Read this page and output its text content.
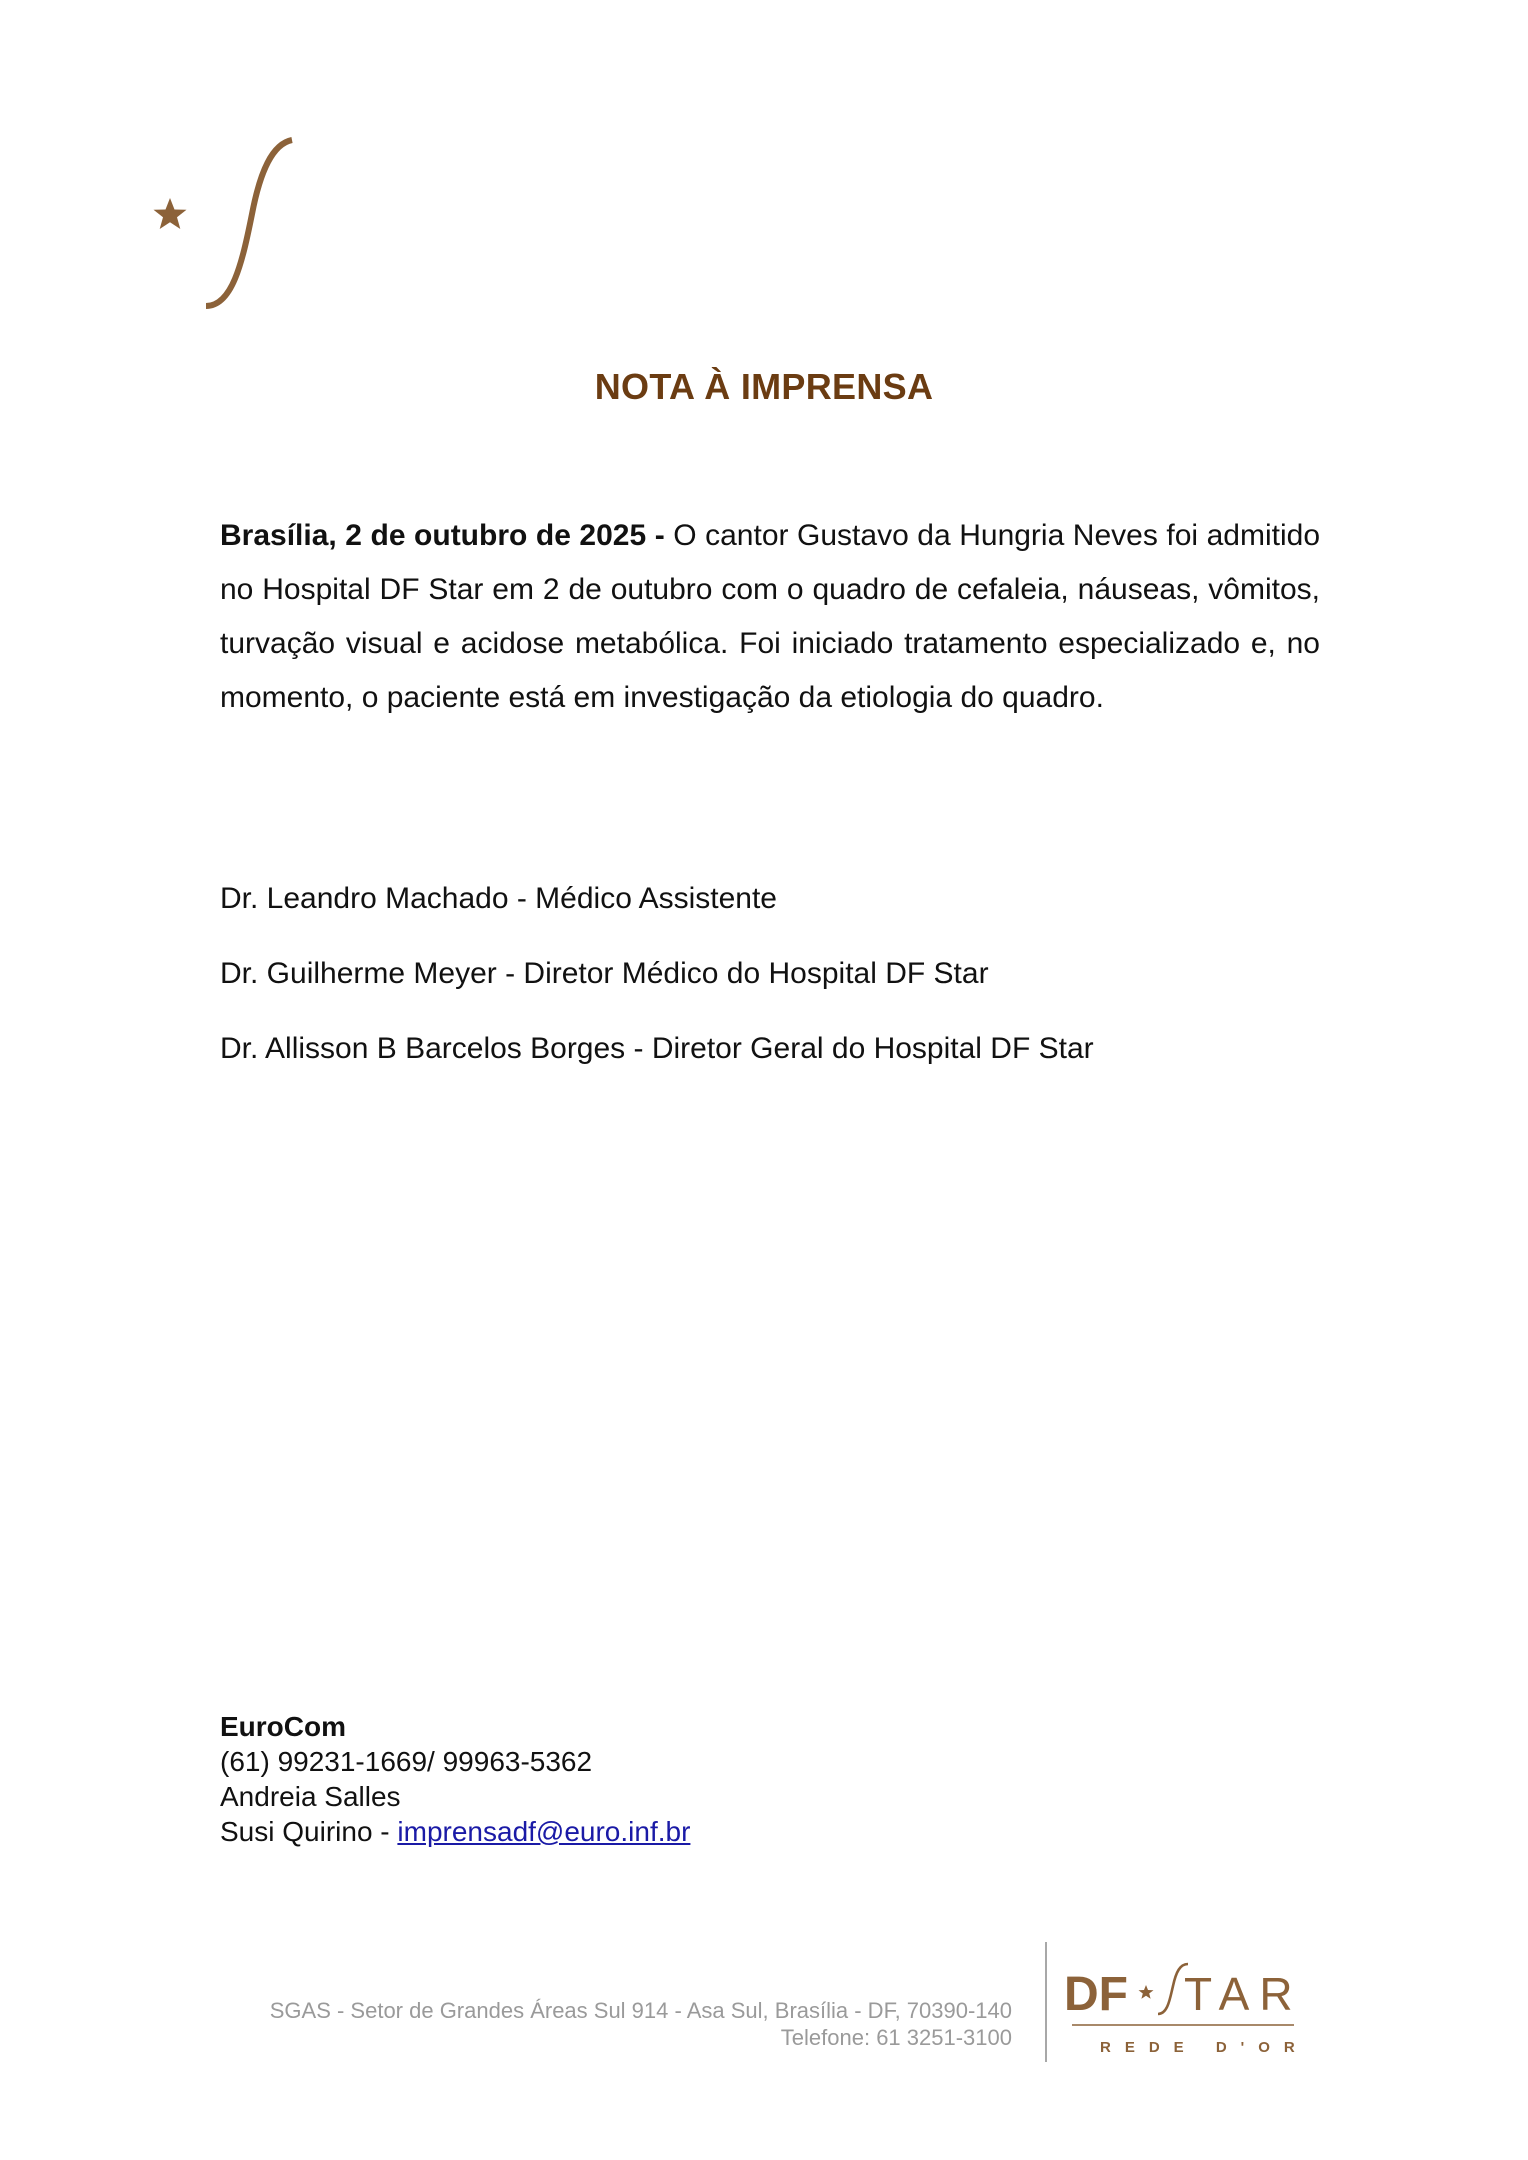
NOTA À IMPRENSA
Brasília, 2 de outubro de 2025 - O cantor Gustavo da Hungria Neves foi admitido no Hospital DF Star em 2 de outubro com o quadro de cefaleia, náuseas, vômitos, turvação visual e acidose metabólica. Foi iniciado tratamento especializado e, no momento, o paciente está em investigação da etiologia do quadro.
Dr. Leandro Machado - Médico Assistente
Dr. Guilherme Meyer - Diretor Médico do Hospital DF Star
Dr. Allisson B Barcelos Borges - Diretor Geral do Hospital DF Star
EuroCom
(61) 99231-1669/ 99963-5362
Andreia Salles
Susi Quirino - imprensadf@euro.inf.br
SGAS - Setor de Grandes Áreas Sul 914 - Asa Sul, Brasília - DF, 70390-140
Telefone: 61 3251-3100
DF TAR
REDE D'OR
